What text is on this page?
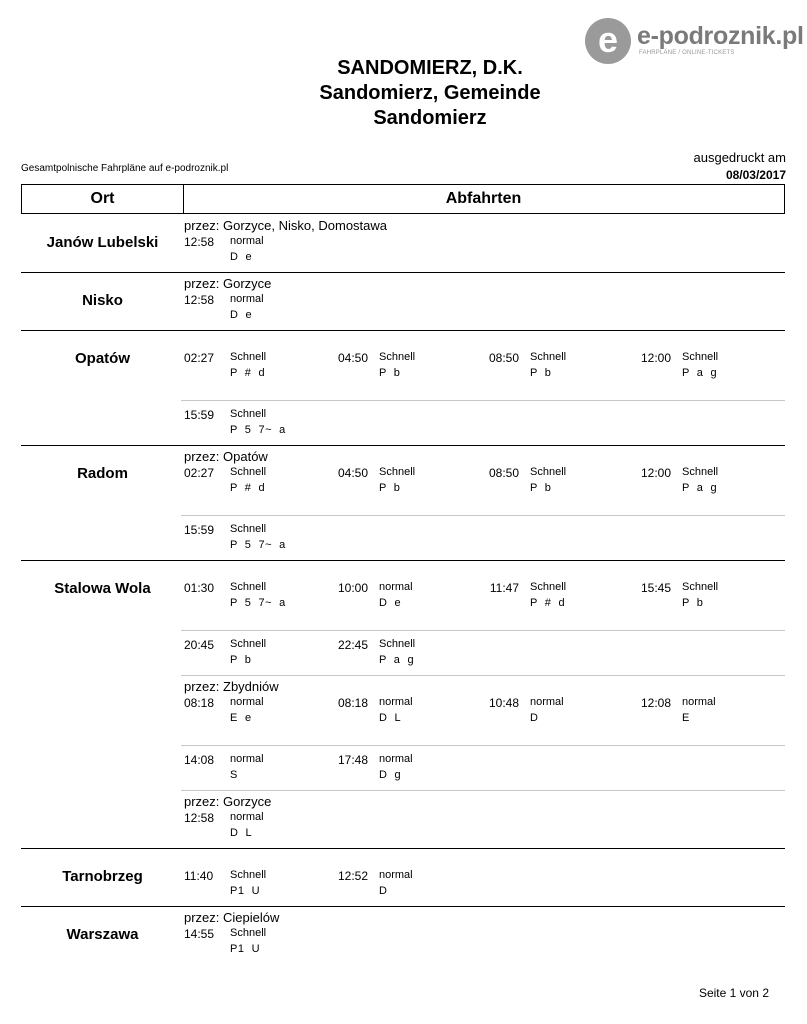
e e-podroznik.pl
FAHRPLÄNE / ONLINE-TICKETS
SANDOMIERZ, D.K.
Sandomierz, Gemeinde
Sandomierz
Gesamtpolnische Fahrpläne auf e-podroznik.pl
ausgedruckt am
08/03/2017
Ort	Abfahrten
Janów Lubelski
przez: Gorzyce, Nisko, Domostawa
12:58 normal
D  e
Nisko
przez: Gorzyce
12:58 normal
D  e
Opatów	02:27 Schnell
P  #  d
04:50 Schnell
P  b
08:50 Schnell
P  b
12:00 Schnell
P  a  g
15:59 Schnell
P  5  7~  a
Radom
przez: Opatów
02:27 Schnell
P  #  d
04:50 Schnell
P  b
08:50 Schnell
P  b
12:00 Schnell
P  a  g
15:59 Schnell
P  5  7~  a
Stalowa Wola	01:30 Schnell
P  5  7~  a
10:00 normal
D  e
11:47 Schnell
P  #  d
15:45 Schnell
P  b
20:45 Schnell
P  b
22:45 Schnell
P  a  g
przez: Zbydniów
08:18 normal
E  e
08:18 normal
D  L
10:48 normal
D
12:08 normal
E
14:08 normal
S
17:48 normal
D  g
przez: Gorzyce
12:58 normal
D  L
Tarnobrzeg	11:40 Schnell
P1  U
12:52 normal
D
Warszawa
przez: Ciepielów
14:55 Schnell
P1  U
Seite 1 von 2
